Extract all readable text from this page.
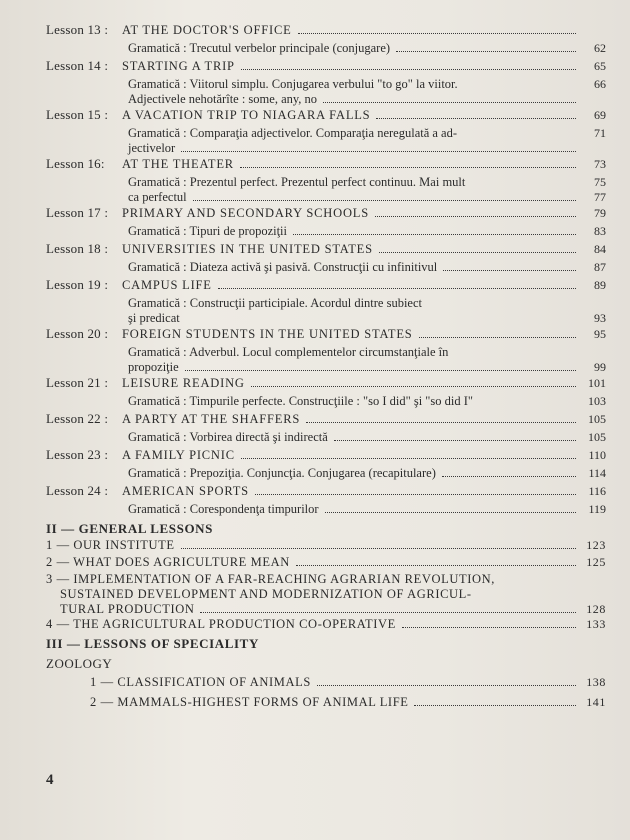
Lesson 13 :	AT THE DOCTOR'S OFFICE
Gramatică : Trecutul verbelor principale (conjugare)	62
Lesson 14 :	STARTING A TRIP	65
Gramatică : Viitorul simplu. Conjugarea verbului "to go" la viitor.	66
Adjectivele nehotărîte : some, any, no
Lesson 15 :	A VACATION TRIP TO NIAGARA FALLS	69
Gramatică : Comparaţia adjectivelor. Comparaţia neregulată a ad-	71
jectivelor
Lesson 16:	AT THE THEATER	73
Gramatică : Prezentul perfect. Prezentul perfect continuu. Mai mult	75
ca perfectul	77
Lesson 17 :	PRIMARY AND SECONDARY SCHOOLS	79
Gramatică : Tipuri de propoziţii	83
Lesson 18 :	UNIVERSITIES IN THE UNITED STATES	84
Gramatică : Diateza activă şi pasivă. Construcţii cu infinitivul	87
Lesson 19 :	CAMPUS LIFE	89
Gramatică : Construcţii participiale. Acordul dintre subiect
şi predicat	93
Lesson 20 :	FOREIGN STUDENTS IN THE UNITED STATES	95
Gramatică : Adverbul. Locul complementelor circumstanţiale în
propoziţie	99
Lesson 21 :	LEISURE READING	101
Gramatică : Timpurile perfecte. Construcţiile : "so I did" şi "so did I"	103
Lesson 22 :	A PARTY AT THE SHAFFERS	105
Gramatică : Vorbirea directă şi indirectă	105
Lesson 23 :	A FAMILY PICNIC	110
Gramatică : Prepoziţia. Conjuncţia. Conjugarea (recapitulare)	114
Lesson 24 :	AMERICAN SPORTS	116
Gramatică : Corespondenţa timpurilor	119
II — GENERAL LESSONS
1 — OUR INSTITUTE	123
2 — WHAT DOES AGRICULTURE MEAN	125
3 — IMPLEMENTATION OF A FAR-REACHING AGRARIAN REVOLUTION,
SUSTAINED DEVELOPMENT AND MODERNIZATION OF AGRICUL-
TURAL PRODUCTION	128
4 — THE AGRICULTURAL PRODUCTION CO-OPERATIVE	133
III — LESSONS OF SPECIALITY
ZOOLOGY
1 — CLASSIFICATION OF ANIMALS	138
2 — MAMMALS-HIGHEST FORMS OF ANIMAL LIFE	141
4
